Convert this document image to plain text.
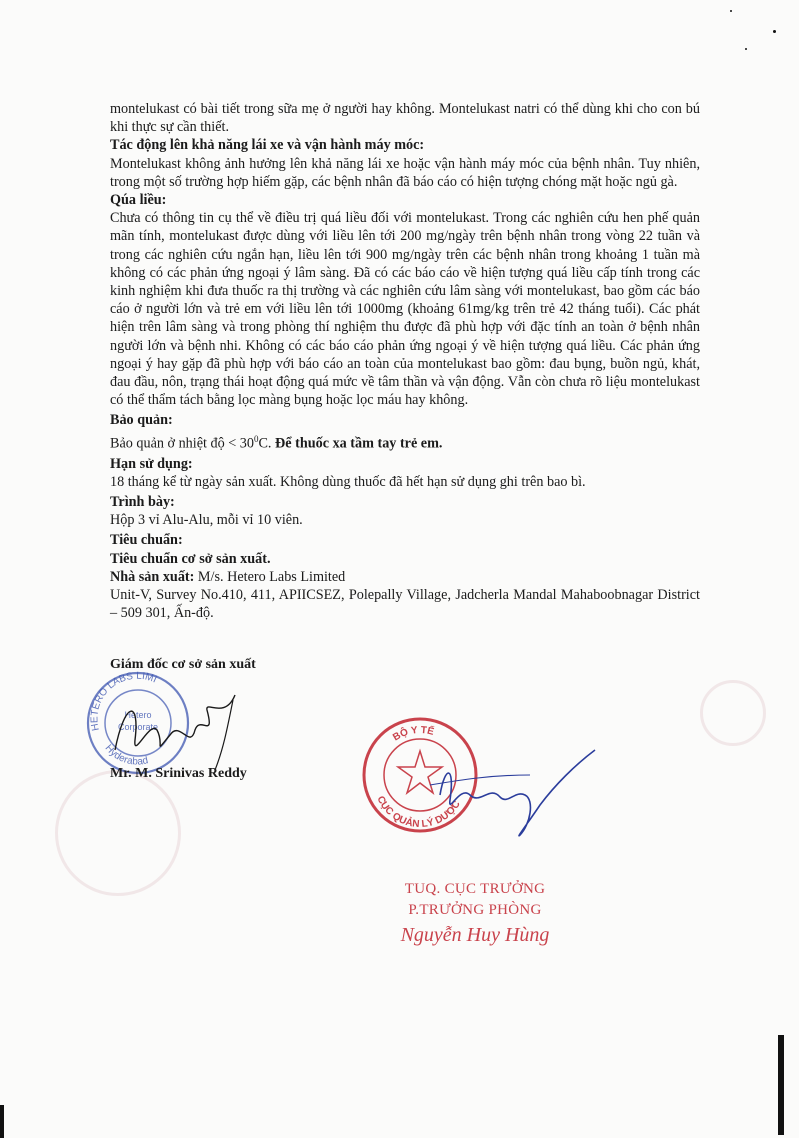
montelukast có bài tiết trong sữa mẹ ở người hay không. Montelukast natri có thể dùng khi cho con bú khi thực sự cần thiết.

Tác động lên khả năng lái xe và vận hành máy móc:

Montelukast không ảnh hưởng lên khả năng lái xe hoặc vận hành máy móc của bệnh nhân. Tuy nhiên, trong một số trường hợp hiếm gặp, các bệnh nhân đã báo cáo có hiện tượng chóng mặt hoặc ngủ gà.

Qúa liều:

Chưa có thông tin cụ thể về điều trị quá liều đối với montelukast. Trong các nghiên cứu hen phế quản mãn tính, montelukast được dùng với liều lên tới 200 mg/ngày trên bệnh nhân trong vòng 22 tuần và trong các nghiên cứu ngắn hạn, liều lên tới 900 mg/ngày trên các bệnh nhân trong khoảng 1 tuần mà không có các phản ứng ngoại ý lâm sàng. Đã có các báo cáo về hiện tượng quá liều cấp tính trong các kinh nghiệm khi đưa thuốc ra thị trường và các nghiên cứu lâm sàng với montelukast, bao gồm các báo cáo ở người lớn và trẻ em với liều lên tới 1000mg (khoảng 61mg/kg trên trẻ 42 tháng tuổi). Các phát hiện trên lâm sàng và trong phòng thí nghiệm thu được đã phù hợp với đặc tính an toàn ở bệnh nhân người lớn và bệnh nhi. Không có các báo cáo phản ứng ngoại ý về hiện tượng quá liều. Các phản ứng ngoại ý hay gặp đã phù hợp với báo cáo an toàn của montelukast bao gồm: đau bụng, buồn ngủ, khát, đau đầu, nôn, trạng thái hoạt động quá mức về tâm thần và vận động. Vẫn còn chưa rõ liệu montelukast có thể thẩm tách bằng lọc màng bụng hoặc lọc máu hay không.

Bảo quản:

Bảo quản ở nhiệt độ < $30^0C$. Để thuốc xa tầm tay trẻ em.

Hạn sử dụng:

18 tháng kể từ ngày sản xuất. Không dùng thuốc đã hết hạn sử dụng ghi trên bao bì.

Trình bày:

Hộp 3 vỉ Alu-Alu, mỗi vỉ 10 viên.

Tiêu chuẩn:

Tiêu chuẩn cơ sở sản xuất.

Nhà sản xuất: M/s. Hetero Labs Limited

Unit-V, Survey No.410, 411, APIICSEZ, Polepally Village, Jadcherla Mandal Mahaboobnagar District – 509 301, Ấn-độ.

Giám đốc cơ sở sản xuất
Hetero
Corporate
HETERO LABS LIMI
Hyderabad
Mr. M. Srinivas Reddy
BỘ Y TẾ
CỤC QUẢN LÝ DƯỢC
TUQ. CỤC TRƯỞNG
P.TRƯỞNG PHÒNG
Nguyễn Huy Hùng
